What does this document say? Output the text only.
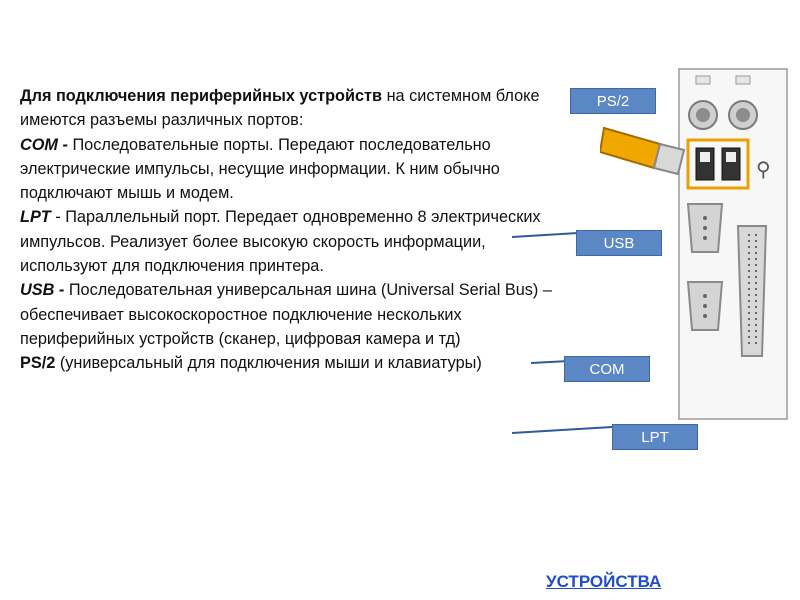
Для подключения периферийных устройств на системном блоке имеются разъемы различных портов:

COM - Последовательные порты. Передают последовательно электрические импульсы, несущие информации. К ним обычно подключают мышь и модем.

LPT - Параллельный порт. Передает одновременно 8 электрических импульсов. Реализует более высокую скорость информации, используют для подключения принтера.

USB - Последовательная универсальная шина (Universal Serial Bus) – обеспечивает высокоскоростное подключение нескольких периферийных устройств (сканер, цифровая камера и тд)

PS/2 (универсальный для подключения мыши и клавиатуры)

PS/2
USB
COM
LPT
⚲
УСТРОЙСТВА
